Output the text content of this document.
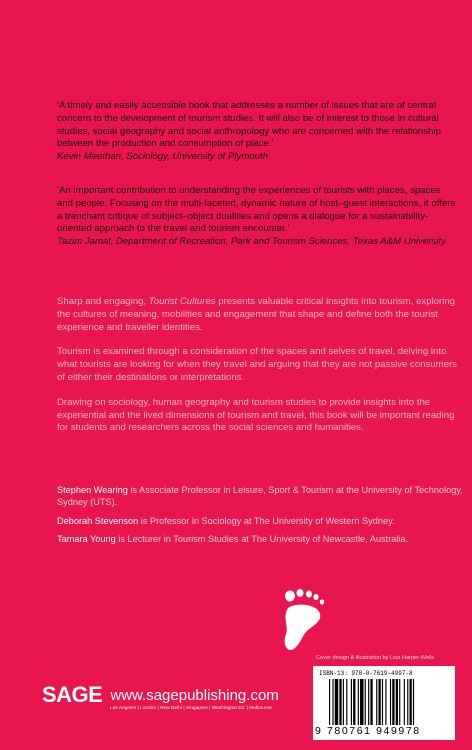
‘A timely and easily accessible book that addresses a number of issues that are of central concern to the development of tourism studies. It will also be of interest to those in cultural studies, social geography and social anthropology who are concerned with the relationship between the production and consumption of place.’

Kevin Meethan, Sociology, University of Plymouth

‘An important contribution to understanding the experiences of tourists with places, spaces and people. Focusing on the multi-faceted, dynamic nature of host–guest interactions, it offers a trenchant critique of subject–object dualities and opens a dialogue for a sustainability-oriented approach to the travel and tourism encounter.’

Tazim Jamal, Department of Recreation, Park and Tourism Sciences, Texas A&M University

Sharp and engaging, Tourist Cultures presents valuable critical insights into tourism, exploring the cultures of meaning, mobilities and engagement that shape and define both the tourist experience and traveller identities.

Tourism is examined through a consideration of the spaces and selves of travel, delving into what tourists are looking for when they travel and arguing that they are not passive consumers of either their destinations or interpretations.

Drawing on sociology, human geography and tourism studies to provide insights into the experiential and the lived dimensions of tourism and travel, this book will be important reading for students and researchers across the social sciences and humanities.

Stephen Wearing is Associate Professor in Leisure, Sport & Tourism at the University of Technology, Sydney (UTS).

Deborah Stevenson is Professor in Sociology at The University of Western Sydney.

Tamara Young is Lecturer in Tourism Studies at The University of Newcastle, Australia.

Cover design & illustration by Lisa Harper-Wells
SAGE www.sagepublishing.com
Los Angeles | London | New Delhi | Singapore | Washington DC | Melbourne
ISBN-13: 978-0-7619-4997-8
9 780761 949978
